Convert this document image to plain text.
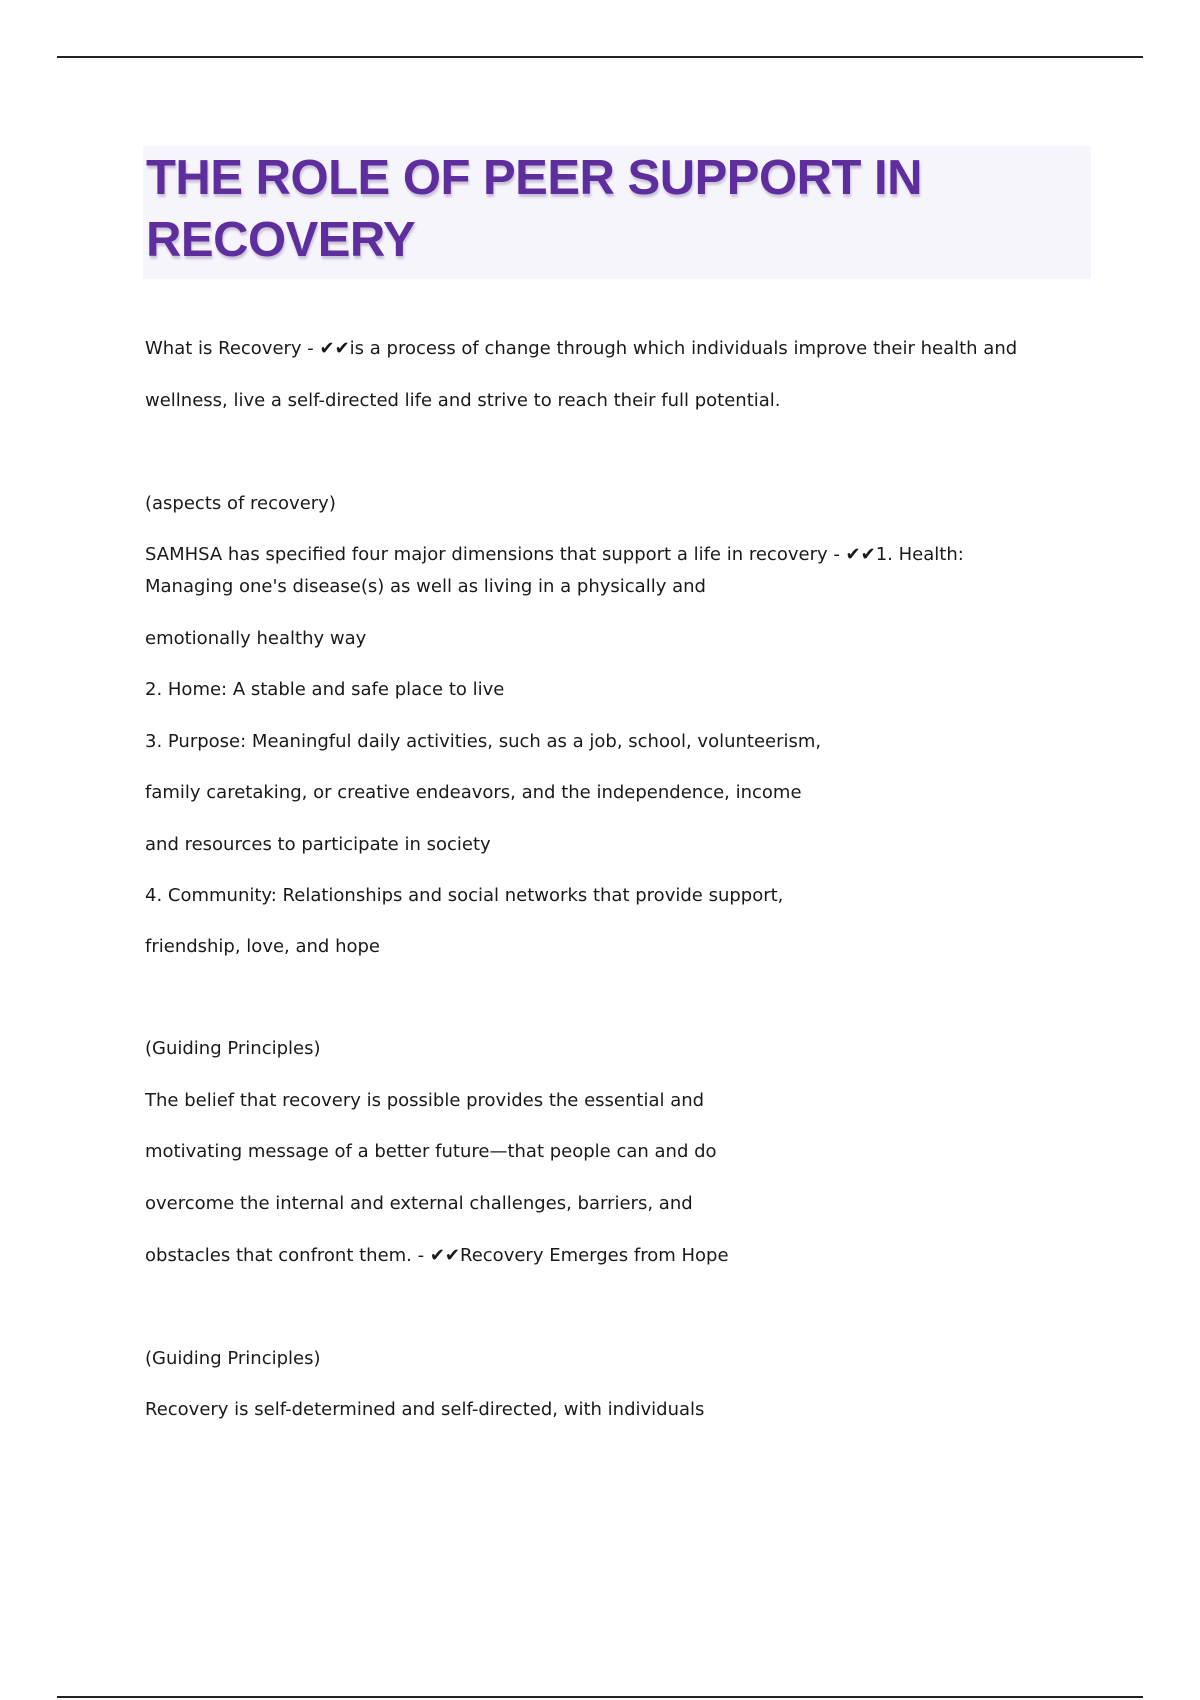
THE ROLE OF PEER SUPPORT IN
RECOVERY

What is Recovery - ✔✔is a process of change through which individuals improve their health and

wellness, live a self-directed life and strive to reach their full potential.

(aspects of recovery)

SAMHSA has specified four major dimensions that support a life in recovery - ✔✔1. Health:

Managing one's disease(s) as well as living in a physically and

emotionally healthy way

2. Home: A stable and safe place to live

3. Purpose: Meaningful daily activities, such as a job, school, volunteerism,

family caretaking, or creative endeavors, and the independence, income

and resources to participate in society

4. Community: Relationships and social networks that provide support,

friendship, love, and hope

(Guiding Principles)

The belief that recovery is possible provides the essential and

motivating message of a better future—that people can and do

overcome the internal and external challenges, barriers, and

obstacles that confront them. - ✔✔Recovery Emerges from Hope

(Guiding Principles)

Recovery is self-determined and self-directed, with individuals
